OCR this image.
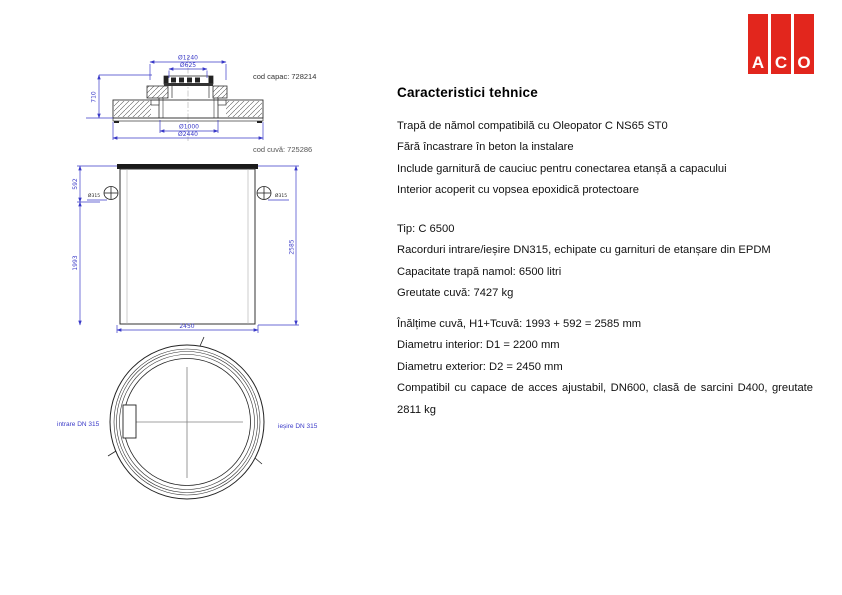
A C O
Ø1240
Ø625
710
Ø1000
Ø2440
cod capac: 728214
cod cuvă: 725286
Ø315	Ø315
592
1993
2585
2450
intrare DN 315	ieșire DN 315
Caracteristici tehnice

Trapă de nămol compatibilă cu Oleopator C NS65 ST0

Fără încastrare în beton la instalare

Include garnitură de cauciuc pentru conectarea etanșă a capacului

Interior acoperit cu vopsea epoxidică protectoare

Tip: C 6500

Racorduri intrare/ieșire DN315, echipate cu garnituri de etanșare din EPDM

Capacitate trapă namol: 6500 litri

Greutate cuvă: 7427 kg

Înălțime cuvă, H1+Tcuvă: 1993 + 592 = 2585 mm

Diametru interior: D1 = 2200 mm

Diametru exterior: D2 = 2450 mm

Compatibil cu capace de acces ajustabil, DN600, clasă de sarcini D400, greutate 2811 kg
